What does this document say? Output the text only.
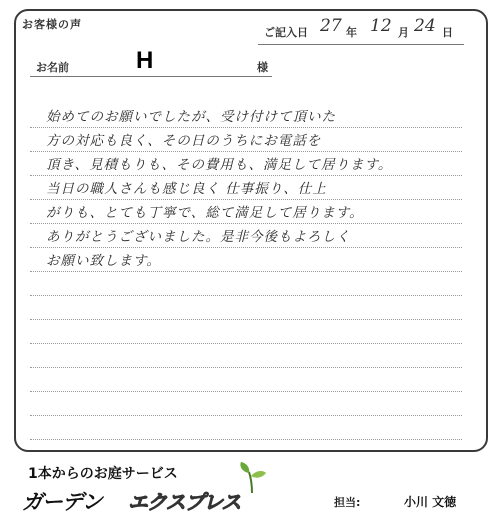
お客様の声
ご記入日 27 年 12 月 24 日
お名前	H	様
始めてのお願いでしたが、受け付けて頂いた
方の対応も良く、その日のうちにお電話を
頂き、見積もりも、その費用も、満足して居ります。
当日の職人さんも感じ良く 仕事振り、仕上
がりも、とても丁寧で、総て満足して居ります。
ありがとうございました。是非今後もよろしく
お願い致します。
1本からのお庭サービス
ガーデン エクスプレス	担当:	小川 文徳
